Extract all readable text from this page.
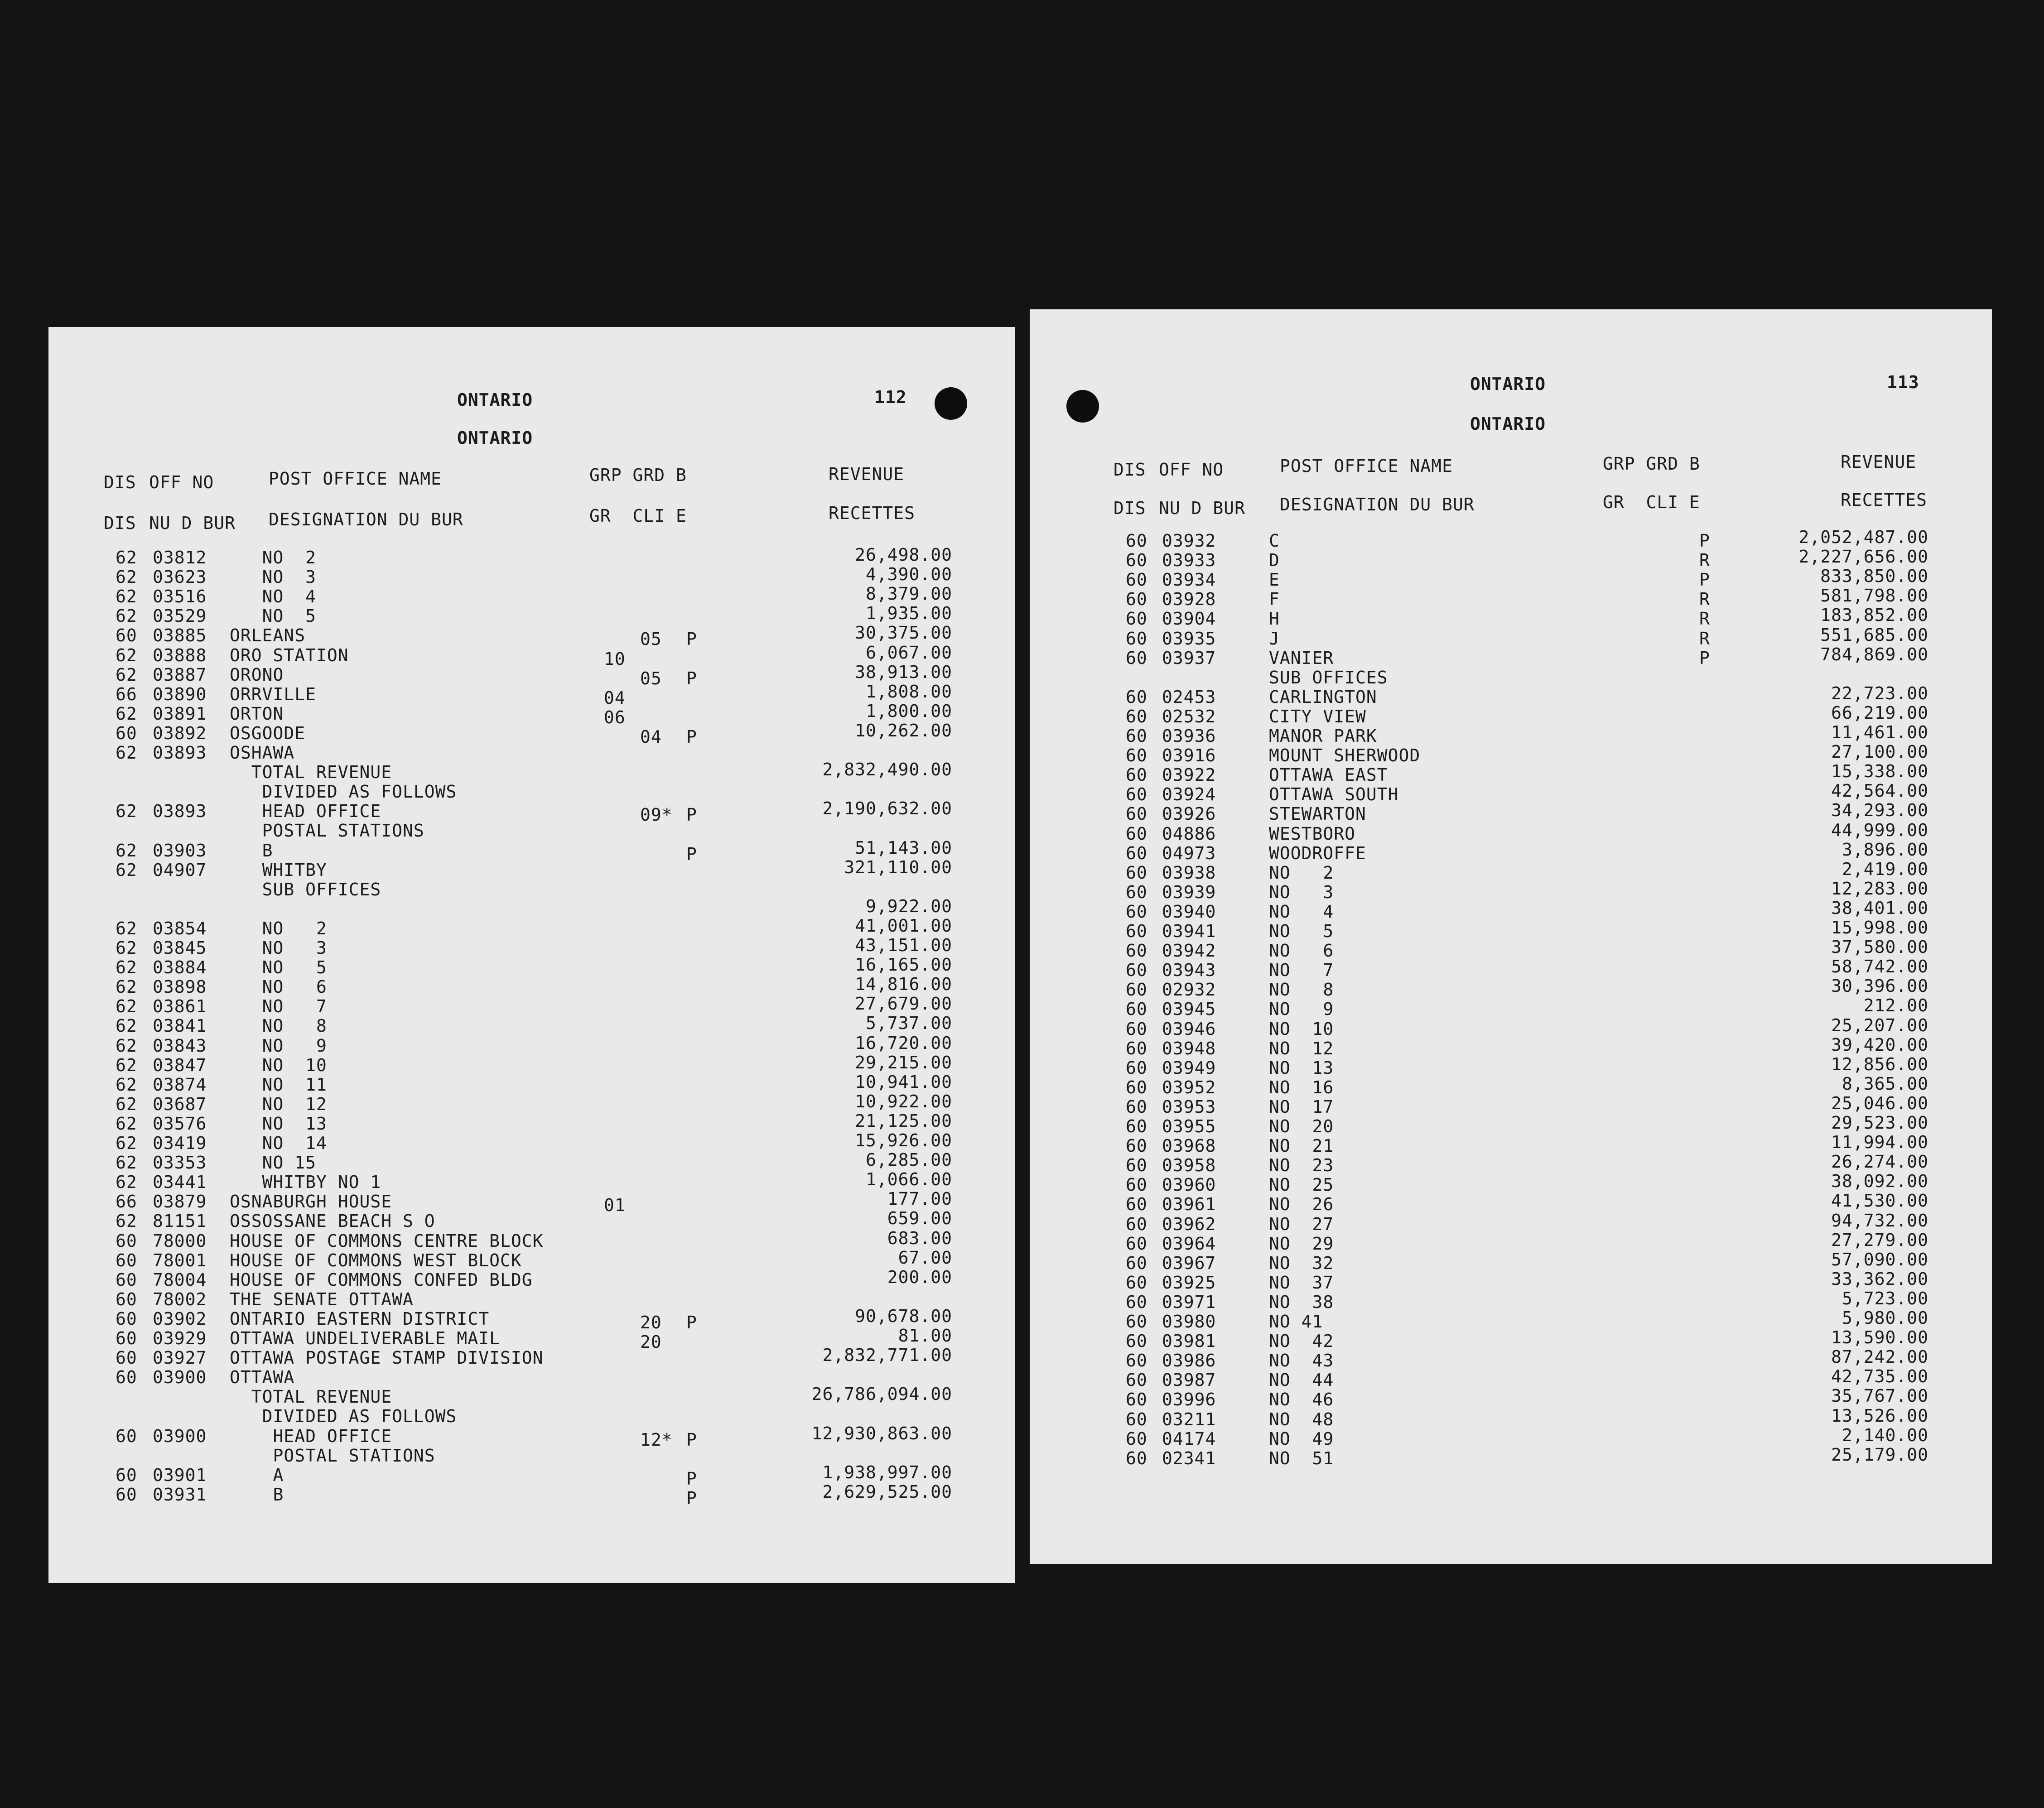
ONTARIO	112
ONTARIO
DIS OFF NO	POST OFFICE NAME	GRP GRD B	REVENUE
DIS NU D BUR DESIGNATION DU BUR	GR  CLI E	RECETTES
62 03812 NO  2	26,498.00
62 03623 NO  3	4,390.00
62 03516 NO  4	8,379.00
62 03529 NO  5	1,935.00
60 03885 ORLEANS	05 P	30,375.00
62 03888 ORO STATION	10	6,067.00
62 03887 ORONO	05 P	38,913.00
66 03890 ORRVILLE	04	1,808.00
62 03891 ORTON	06	1,800.00
60 03892 OSGOODE	04 P	10,262.00
62 03893 OSHAWA
TOTAL REVENUE	2,832,490.00
DIVIDED AS FOLLOWS
62 03893 HEAD OFFICE	09* P	2,190,632.00
POSTAL STATIONS
62 03903 B	P	51,143.00
62 04907 WHITBY	321,110.00
SUB OFFICES
9,922.00
62 03854 NO   2	41,001.00
62 03845 NO   3	43,151.00
62 03884 NO   5	16,165.00
62 03898 NO   6	14,816.00
62 03861 NO   7	27,679.00
62 03841 NO   8	5,737.00
62 03843 NO   9	16,720.00
62 03847 NO  10	29,215.00
62 03874 NO  11	10,941.00
62 03687 NO  12	10,922.00
62 03576 NO  13	21,125.00
62 03419 NO  14	15,926.00
62 03353 NO 15	6,285.00
62 03441 WHITBY NO 1	1,066.00
66 03879 OSNABURGH HOUSE	01	177.00
62 81151 OSSOSSANE BEACH S O	659.00
60 78000 HOUSE OF COMMONS CENTRE BLOCK	683.00
60 78001 HOUSE OF COMMONS WEST BLOCK	67.00
60 78004 HOUSE OF COMMONS CONFED BLDG	200.00
60 78002 THE SENATE OTTAWA
60 03902 ONTARIO EASTERN DISTRICT	20 P	90,678.00
60 03929 OTTAWA UNDELIVERABLE MAIL	20	81.00
60 03927 OTTAWA POSTAGE STAMP DIVISION	2,832,771.00
60 03900 OTTAWA
TOTAL REVENUE	26,786,094.00
DIVIDED AS FOLLOWS
60 03900 HEAD OFFICE	12* P	12,930,863.00
POSTAL STATIONS
60 03901 A	P	1,938,997.00
60 03931 B	P	2,629,525.00
ONTARIO	113
ONTARIO
DIS OFF NO	POST OFFICE NAME	GRP GRD B	REVENUE
DIS NU D BUR DESIGNATION DU BUR	GR  CLI E	RECETTES
60 03932	C	P	2,052,487.00
60 03933	D	R	2,227,656.00
60 03934	E	P	833,850.00
60 03928	F	R	581,798.00
60 03904	H	R	183,852.00
60 03935	J	R	551,685.00
60 03937	VANIER	P	784,869.00
SUB OFFICES
60 02453	CARLINGTON	22,723.00
60 02532	CITY VIEW	66,219.00
60 03936	MANOR PARK	11,461.00
60 03916	MOUNT SHERWOOD	27,100.00
60 03922	OTTAWA EAST	15,338.00
60 03924	OTTAWA SOUTH	42,564.00
60 03926	STEWARTON	34,293.00
60 04886	WESTBORO	44,999.00
60 04973	WOODROFFE	3,896.00
60 03938	NO   2	2,419.00
60 03939	NO   3	12,283.00
60 03940	NO   4	38,401.00
60 03941	NO   5	15,998.00
60 03942	NO   6	37,580.00
60 03943	NO   7	58,742.00
60 02932	NO   8	30,396.00
60 03945	NO   9	212.00
60 03946	NO  10	25,207.00
60 03948	NO  12	39,420.00
60 03949	NO  13	12,856.00
60 03952	NO  16	8,365.00
60 03953	NO  17	25,046.00
60 03955	NO  20	29,523.00
60 03968	NO  21	11,994.00
60 03958	NO  23	26,274.00
60 03960	NO  25	38,092.00
60 03961	NO  26	41,530.00
60 03962	NO  27	94,732.00
60 03964	NO  29	27,279.00
60 03967	NO  32	57,090.00
60 03925	NO  37	33,362.00
60 03971	NO  38	5,723.00
60 03980	NO 41	5,980.00
60 03981	NO  42	13,590.00
60 03986	NO  43	87,242.00
60 03987	NO  44	42,735.00
60 03996	NO  46	35,767.00
60 03211	NO  48	13,526.00
60 04174	NO  49	2,140.00
60 02341	NO  51	25,179.00
